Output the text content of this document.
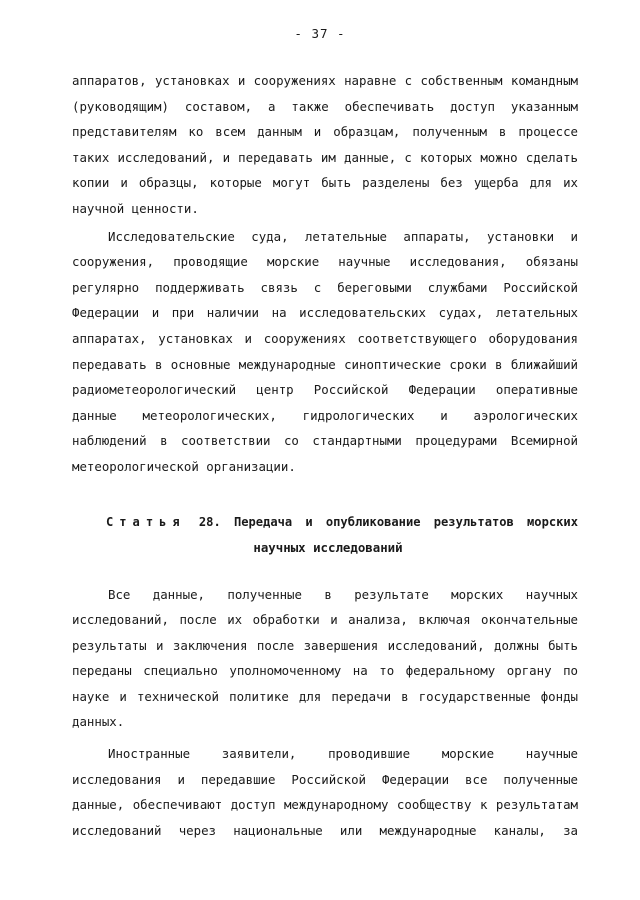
- 37 -

аппаратов, установках и сооружениях наравне с собственным командным
(руководящим) составом, а также обеспечивать доступ указанным
представителям ко всем данным и образцам, полученным в процессе
таких исследований, и передавать им данные, с которых можно сделать
копии и образцы, которые могут быть разделены без ущерба для их
научной ценности.

Исследовательские суда, летательные аппараты, установки и
сооружения, проводящие морские научные исследования, обязаны
регулярно поддерживать связь с береговыми службами Российской
Федерации и при наличии на исследовательских судах, летательных
аппаратах, установках и сооружениях соответствующего оборудования
передавать в основные международные синоптические сроки в ближайший
радиометеорологический центр Российской Федерации оперативные
данные метеорологических, гидрологических и аэрологических
наблюдений в соответствии со стандартными процедурами Всемирной
метеорологической организации.

Статья 28. Передача и опубликование результатов морских
научных исследований

Все данные, полученные в результате морских научных
исследований, после их обработки и анализа, включая окончательные
результаты и заключения после завершения исследований, должны быть
переданы специально уполномоченному на то федеральному органу по
науке и технической политике для передачи в государственные фонды
данных.

Иностранные заявители, проводившие морские научные
исследования и передавшие Российской Федерации все полученные
данные, обеспечивают доступ международному сообществу к результатам
исследований через национальные или международные каналы, за
